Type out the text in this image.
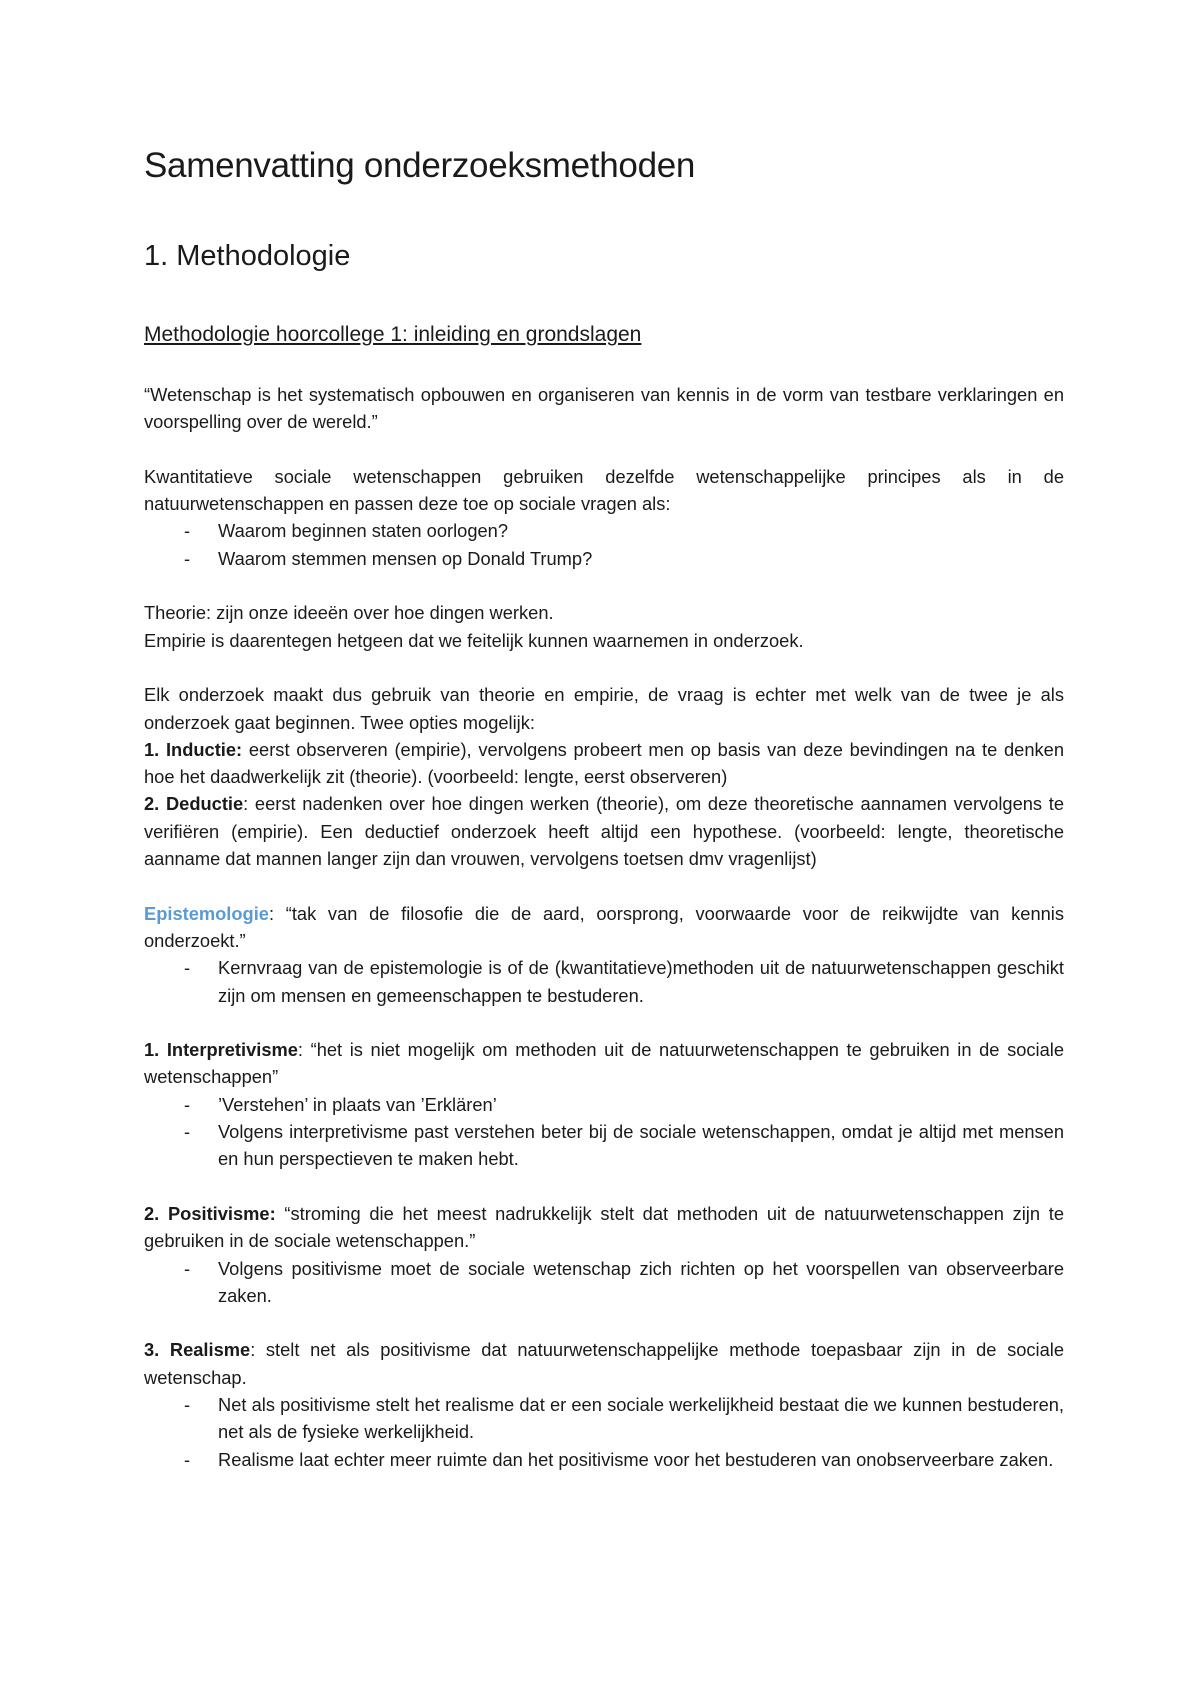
Samenvatting onderzoeksmethoden
1. Methodologie
Methodologie hoorcollege 1: inleiding en grondslagen

“Wetenschap is het systematisch opbouwen en organiseren van kennis in de vorm van testbare verklaringen en voorspelling over de wereld.”

Kwantitatieve sociale wetenschappen gebruiken dezelfde wetenschappelijke principes als in de natuurwetenschappen en passen deze toe op sociale vragen als:

- Waarom beginnen staten oorlogen?
- Waarom stemmen mensen op Donald Trump?

Theorie: zijn onze ideeën over hoe dingen werken.

Empirie is daarentegen hetgeen dat we feitelijk kunnen waarnemen in onderzoek.

Elk onderzoek maakt dus gebruik van theorie en empirie, de vraag is echter met welk van de twee je als onderzoek gaat beginnen. Twee opties mogelijk:

1. Inductie: eerst observeren (empirie), vervolgens probeert men op basis van deze bevindingen na te denken hoe het daadwerkelijk zit (theorie). (voorbeeld: lengte, eerst observeren)

2. Deductie: eerst nadenken over hoe dingen werken (theorie), om deze theoretische aannamen vervolgens te verifiëren (empirie). Een deductief onderzoek heeft altijd een hypothese. (voorbeeld: lengte, theoretische aanname dat mannen langer zijn dan vrouwen, vervolgens toetsen dmv vragenlijst)

Epistemologie: “tak van de filosofie die de aard, oorsprong, voorwaarde voor de reikwijdte van kennis onderzoekt.”

- Kernvraag van de epistemologie is of de (kwantitatieve)methoden uit de natuurwetenschappen geschikt zijn om mensen en gemeenschappen te bestuderen.

1. Interpretivisme: “het is niet mogelijk om methoden uit de natuurwetenschappen te gebruiken in de sociale wetenschappen”

- ’Verstehen’ in plaats van ’Erklären’
- Volgens interpretivisme past verstehen beter bij de sociale wetenschappen, omdat je altijd met mensen en hun perspectieven te maken hebt.

2. Positivisme: “stroming die het meest nadrukkelijk stelt dat methoden uit de natuurwetenschappen zijn te gebruiken in de sociale wetenschappen.”

- Volgens positivisme moet de sociale wetenschap zich richten op het voorspellen van observeerbare zaken.

3. Realisme: stelt net als positivisme dat natuurwetenschappelijke methode toepasbaar zijn in de sociale wetenschap.

- Net als positivisme stelt het realisme dat er een sociale werkelijkheid bestaat die we kunnen bestuderen, net als de fysieke werkelijkheid.
- Realisme laat echter meer ruimte dan het positivisme voor het bestuderen van onobserveerbare zaken.
